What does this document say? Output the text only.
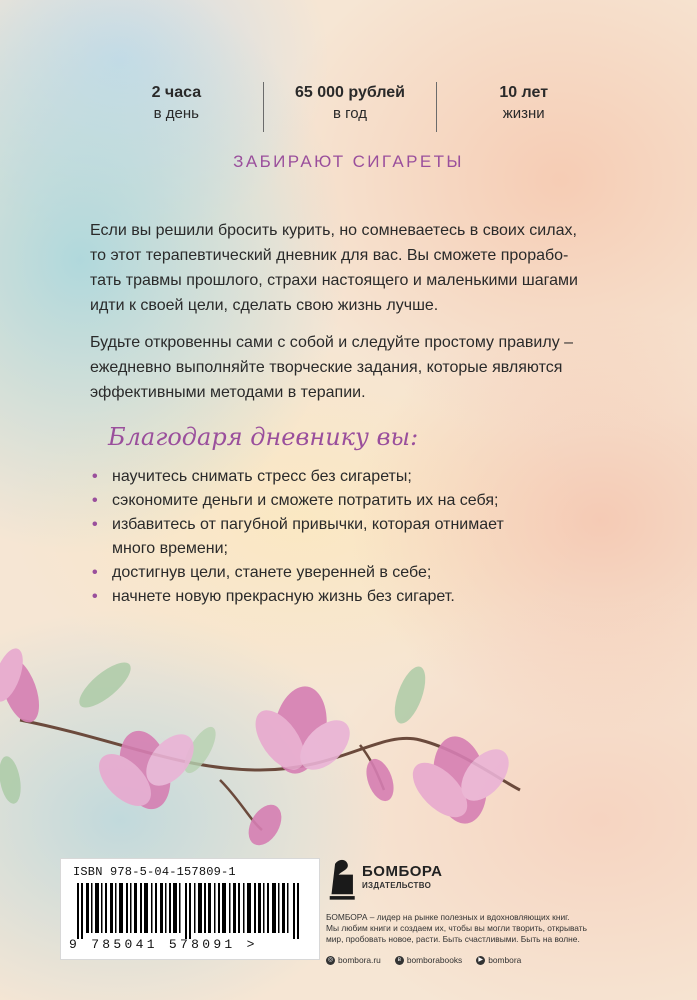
2 часа
в день
65 000 рублей
в год
10 лет
жизни
ЗАБИРАЮТ СИГАРЕТЫ

Если вы решили бросить курить, но сомневаетесь в своих силах,
то этот терапевтический дневник для вас. Вы сможете прорабо-
тать травмы прошлого, страхи настоящего и маленькими шагами
идти к своей цели, сделать свою жизнь лучше.

Будьте откровенны сами с собой и следуйте простому правилу –
ежедневно выполняйте творческие задания, которые являются
эффективными методами в терапии.

Благодаря дневнику вы:
• научитесь снимать стресс без сигареты;
• сэкономите деньги и сможете потратить их на себя;
• избавитесь от пагубной привычки, которая отнимает
много времени;
• достигнув цели, станете уверенней в себе;
• начнете новую прекрасную жизнь без сигарет.
ISBN 978-5-04-157809-1
9 785041 578091 >
БОМБОРА
ИЗДАТЕЛЬСТВО

БОМБОРА – лидер на рынке полезных и вдохновляющих книг.
Мы любим книги и создаем их, чтобы вы могли творить, открывать
мир, пробовать новое, расти. Быть счастливыми. Быть на волне.

◎ bombora.ru	в bomborabooks	▶ bombora
